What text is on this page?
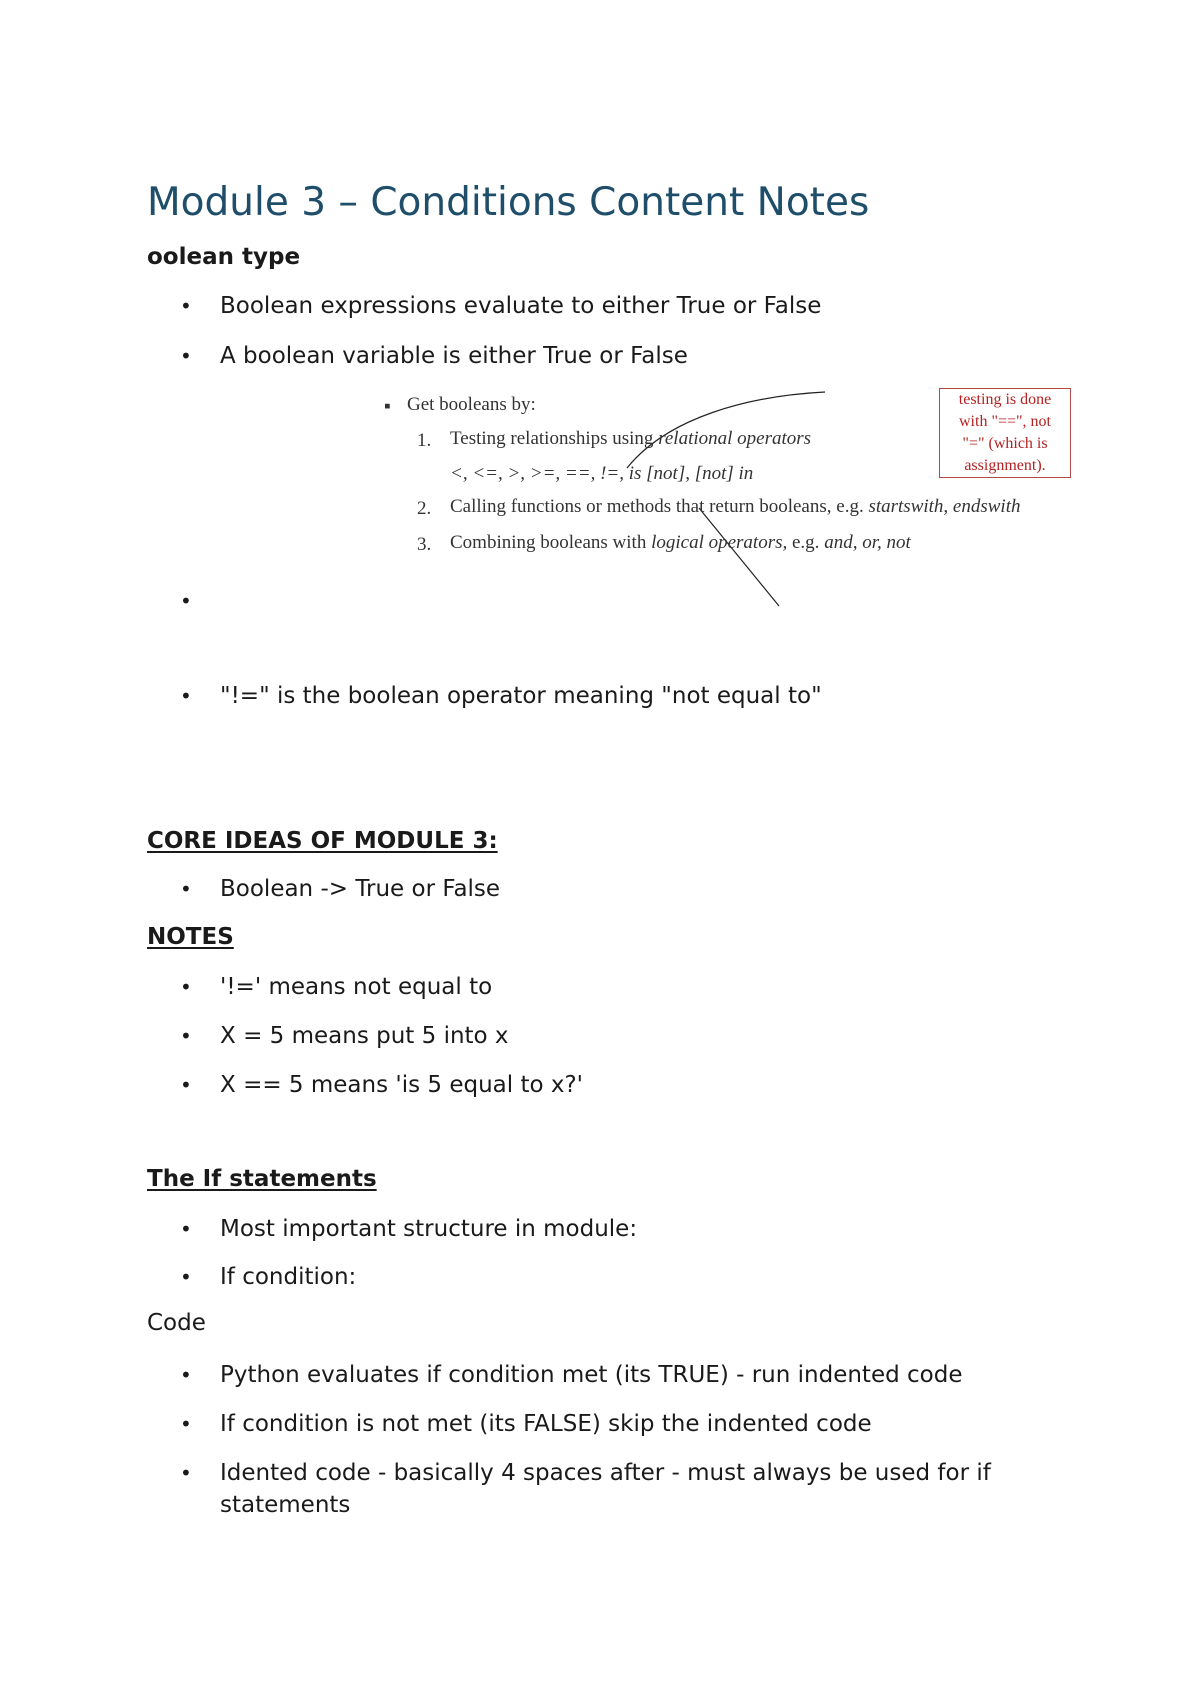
Module 3 – Conditions Content Notes
oolean type
• Boolean expressions evaluate to either True or False
• A boolean variable is either True or False
▪ Get booleans by:
1. Testing relationships using relational operators
<, <=, >, >=, ==, !=, is [not], [not] in
2. Calling functions or methods that return booleans, e.g. startswith, endswith
3. Combining booleans with logical operators, e.g. and, or, not
testing is done
with "==", not
"=" (which is
assignment).
•
• "!=" is the boolean operator meaning "not equal to"
CORE IDEAS OF MODULE 3:
• Boolean -> True or False
NOTES
• '!=' means not equal to
• X = 5 means put 5 into x
• X == 5 means 'is 5 equal to x?'
The If statements
• Most important structure in module:
• If condition:

Code

• Python evaluates if condition met (its TRUE) - run indented code
• If condition is not met (its FALSE) skip the indented code
• Idented code - basically 4 spaces after - must always be used for if statements
